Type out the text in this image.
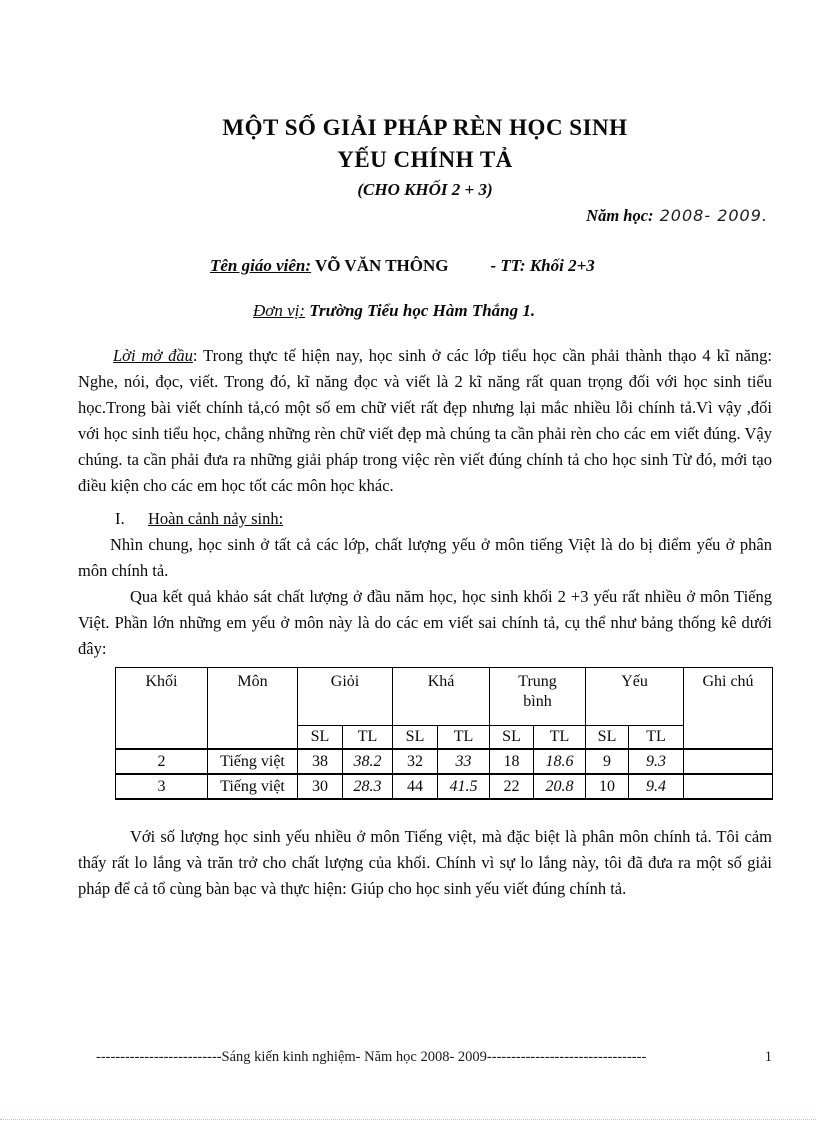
MỘT SỐ GIẢI PHÁP RÈN HỌC SINH
YẾU CHÍNH TẢ
(CHO KHỐI 2 + 3)
Năm học: 2008- 2009.
Tên giáo viên: VÕ VĂN THÔNG - TT: Khối 2+3
Đơn vị: Trường Tiểu học Hàm Thắng 1.

Lời mở đầu: Trong thực tế hiện nay, học sinh ở các lớp tiểu học cần phải thành thạo 4 kĩ năng: Nghe, nói, đọc, viết. Trong đó, kĩ năng đọc và viết là 2 kĩ năng rất quan trọng đối với học sinh tiểu học.Trong bài viết chính tả,có một số em chữ viết rất đẹp nhưng lại mắc nhiều lỗi chính tả.Vì vậy ,đối với học sinh tiểu học, chẳng những rèn chữ viết đẹp mà chúng ta cần phải rèn cho các em viết đúng. Vậy chúng. ta cần phải đưa ra những giải pháp trong việc rèn viết đúng chính tả cho học sinh Từ đó, mới tạo điều kiện cho các em học tốt các môn học khác.

I. Hoàn cảnh nảy sinh:

Nhìn chung, học sinh ở tất cả các lớp, chất lượng yếu ở môn tiếng Việt là do bị điểm yếu ở phân môn chính tả.

Qua kết quả khảo sát chất lượng ở đầu năm học, học sinh khối 2 +3 yếu rất nhiều ở môn Tiếng Việt. Phần lớn những em yếu ở môn này là do các em viết sai chính tả, cụ thể như bảng thống kê dưới đây:

Khối	Môn	Giỏi		Khá		Trung bình		Yếu		Ghi chú
		SL	TL	SL	TL	SL	TL	SL	TL	
2	Tiếng việt	38	38.2	32	33	18	18.6	9	9.3	
3	Tiếng việt	30	28.3	44	41.5	22	20.8	10	9.4	

Với số lượng học sinh yếu nhiều ở môn Tiếng việt, mà đặc biệt là phân môn chính tả. Tôi cảm thấy rất lo lắng và trăn trở cho chất lượng của khối. Chính vì sự lo lắng này, tôi đã đưa ra một số giải pháp để cả tổ cùng bàn bạc và thực hiện: Giúp cho học sinh yếu viết đúng chính tả.

--------------------------Sáng kiến kinh nghiệm- Năm học 2008- 2009---------------------------------	1
